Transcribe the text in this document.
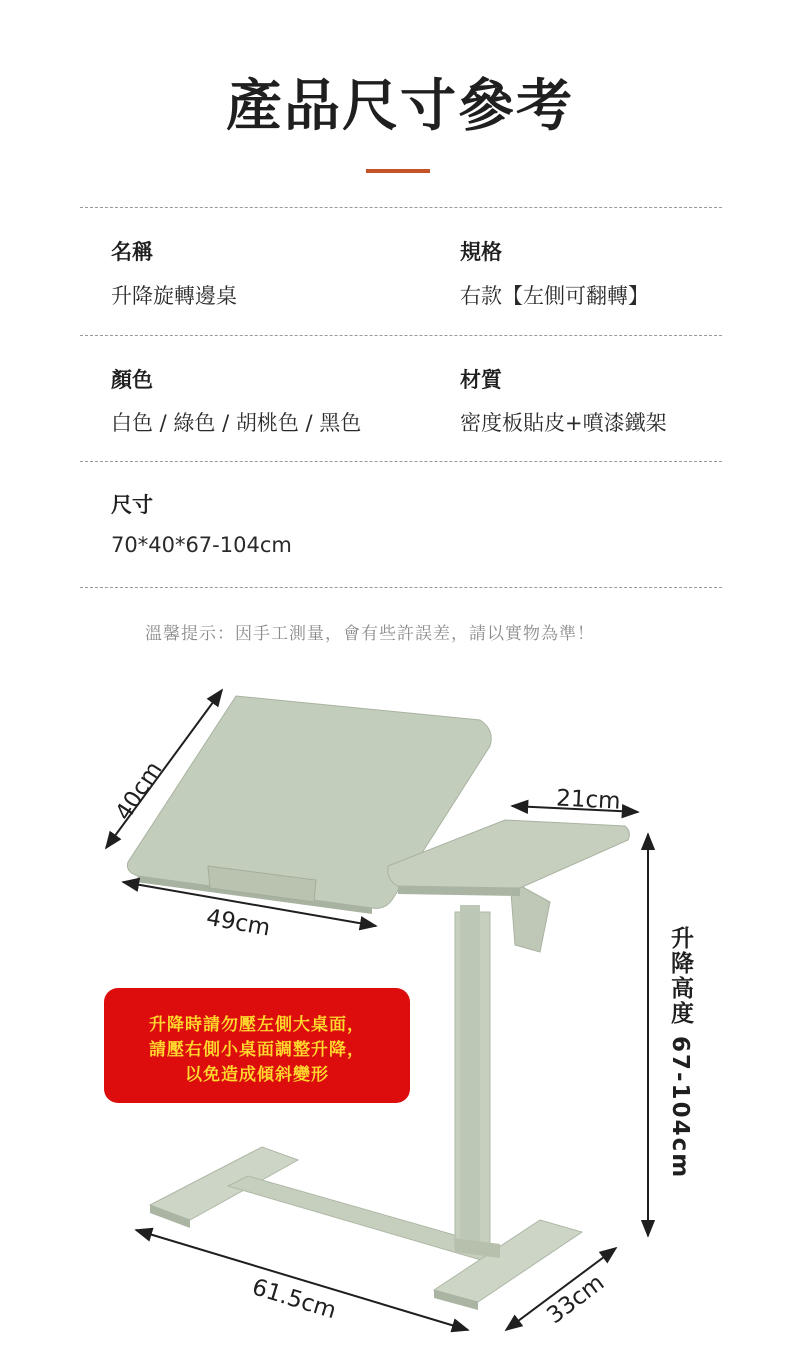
產品尺寸參考
名稱
升降旋轉邊桌
規格
右款【左側可翻轉】
顏色
白色 / 綠色 / 胡桃色 / 黑色
材質
密度板貼皮+噴漆鐵架
尺寸
70*40*67-104cm
溫馨提示：因手工測量，會有些許誤差，請以實物為準！
40cm
49cm
21cm
61.5cm	33cm
升降高度 67-104cm
升降時請勿壓左側大桌面，
請壓右側小桌面調整升降，
以免造成傾斜變形
